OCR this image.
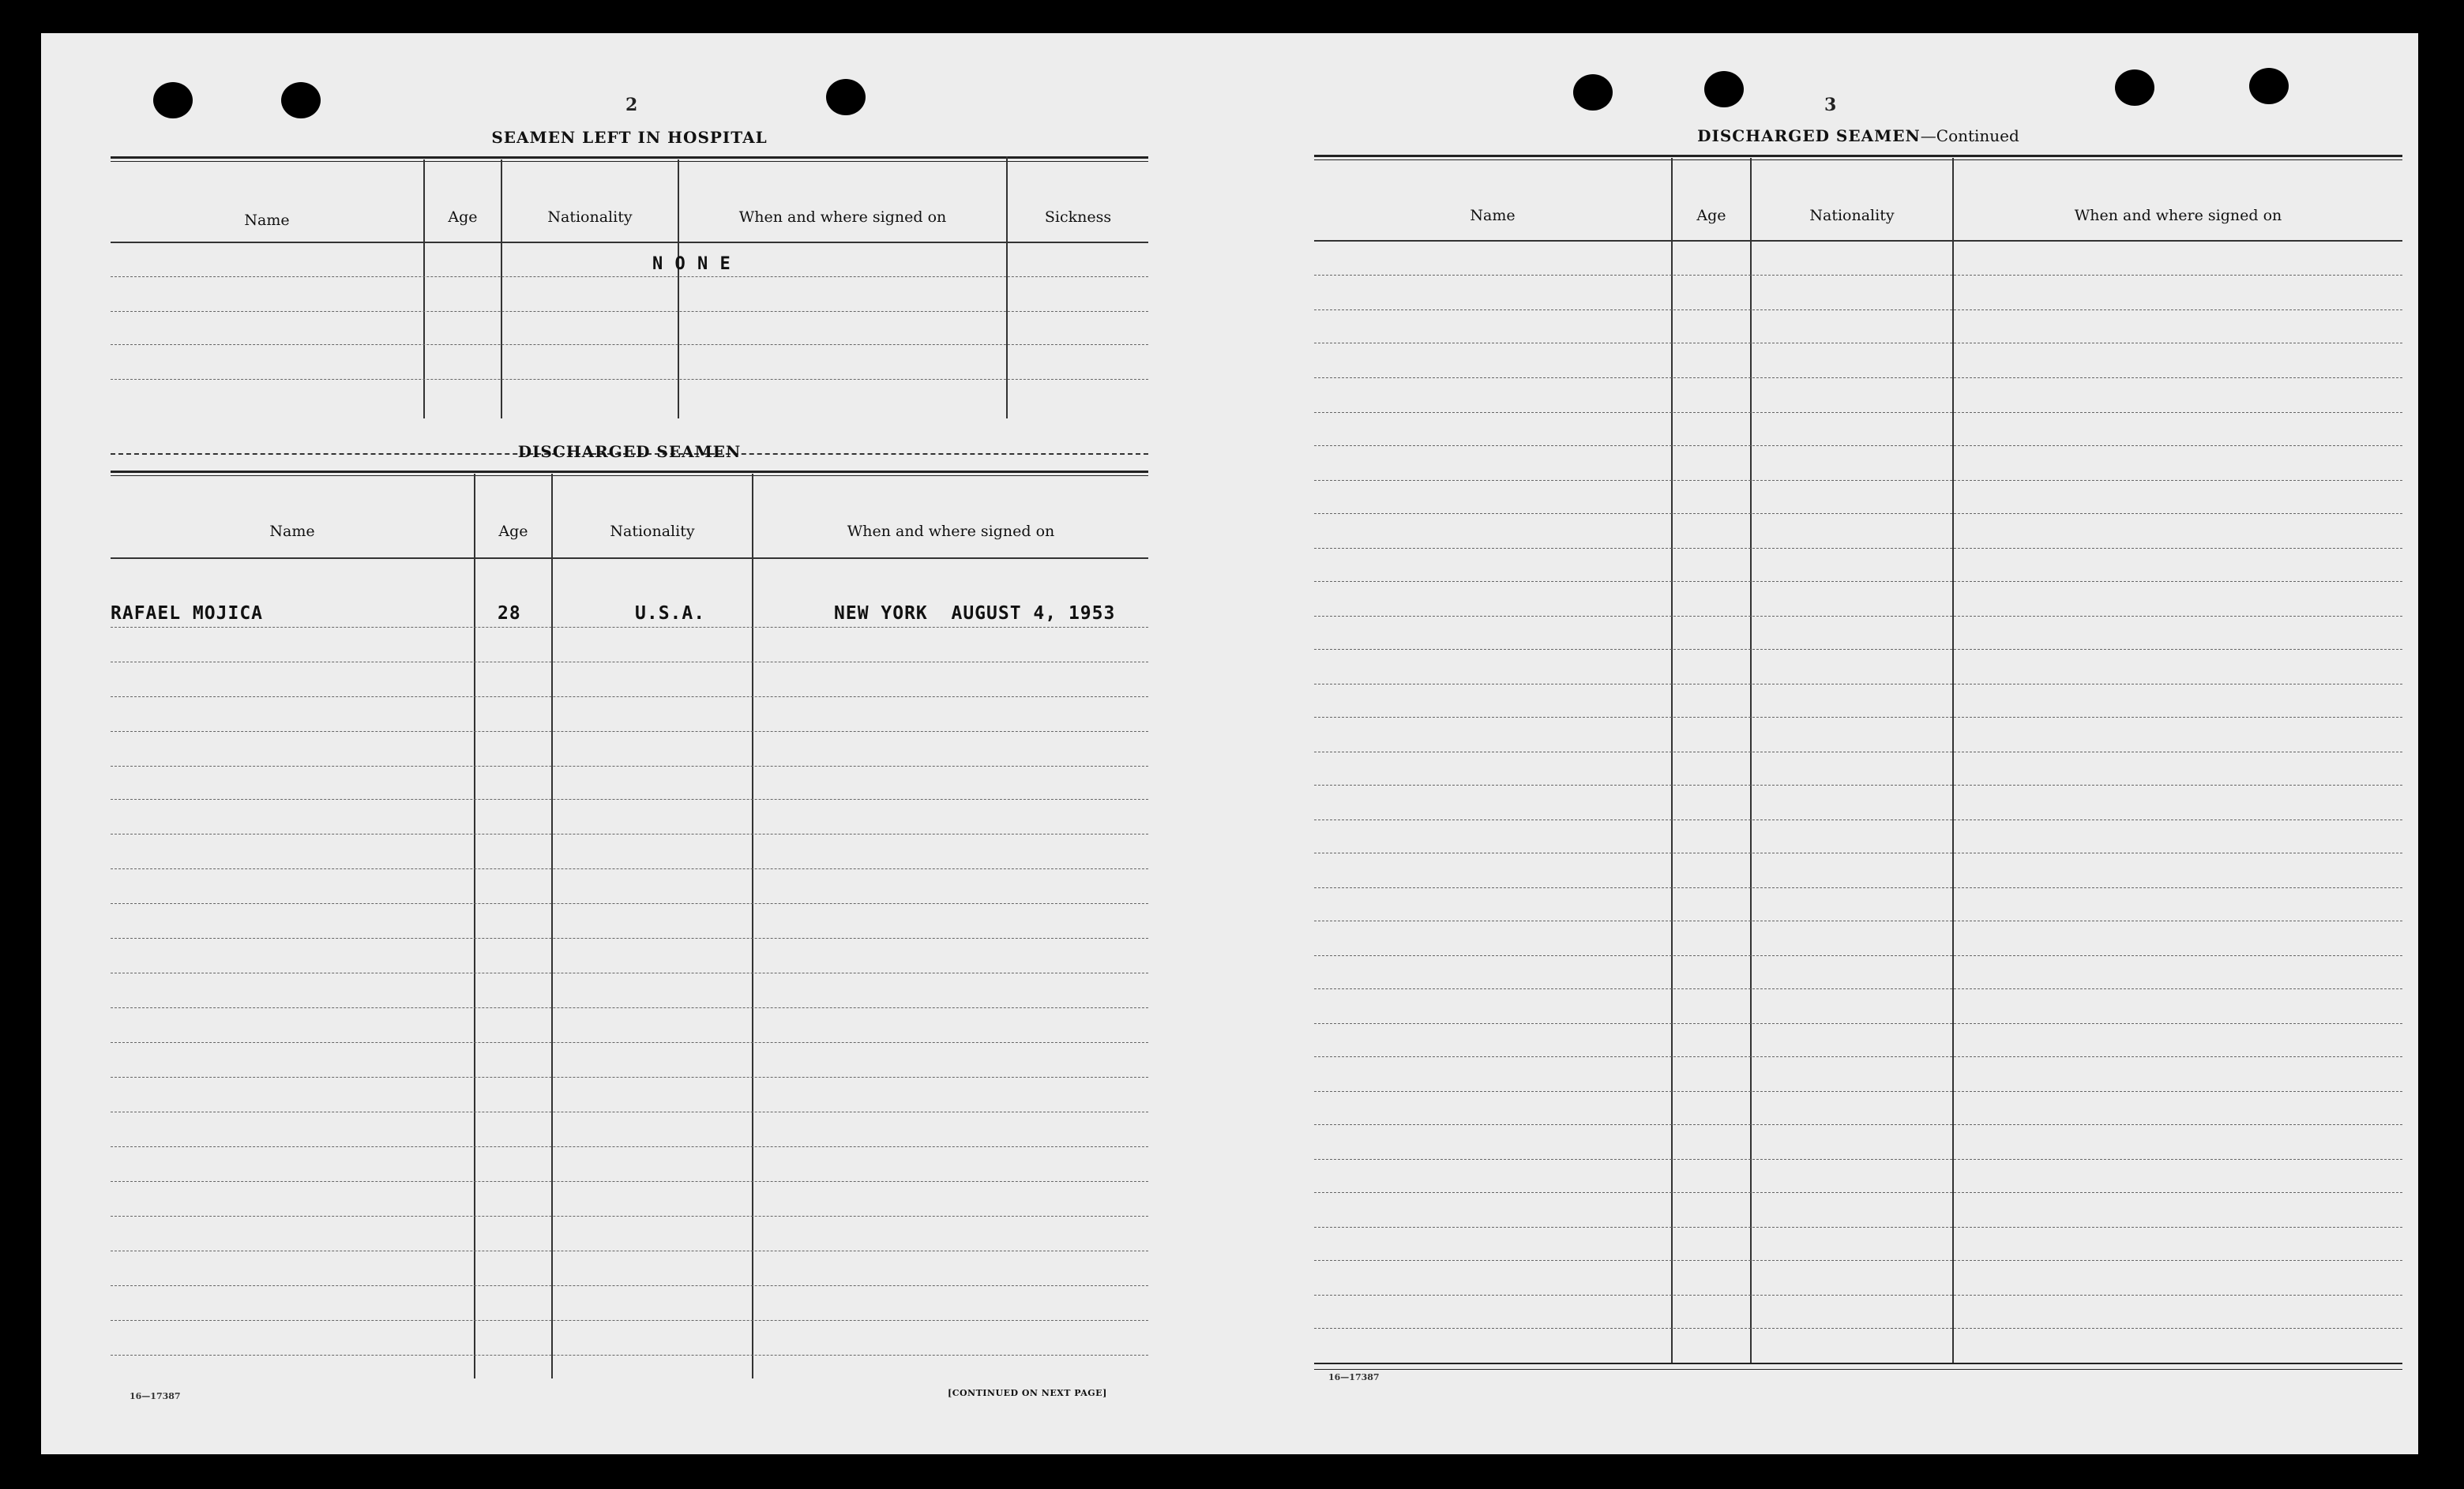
2
SEAMEN LEFT IN HOSPITAL
Name	Age	Nationality	When and where signed on	Sickness
N O N E
DISCHARGED SEAMEN
Name	Age	Nationality	When and where signed on
RAFAEL MOJICA	28	U.S.A.	NEW YORK  AUGUST 4, 1953
16—17387	[CONTINUED ON NEXT PAGE]
3
DISCHARGED SEAMEN—Continued
Name	Age	Nationality	When and where signed on
16—17387
